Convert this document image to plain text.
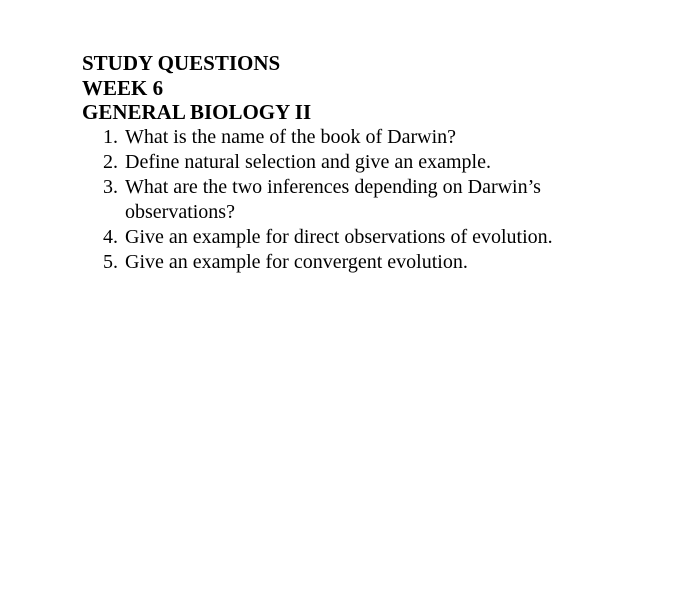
STUDY QUESTIONS
WEEK 6
GENERAL BIOLOGY II
1. What is the name of the book of Darwin?
2. Define natural selection and give an example.
3. What are the two inferences depending on Darwin’s observations?
4. Give an example for direct observations of evolution.
5. Give an example for convergent evolution.
